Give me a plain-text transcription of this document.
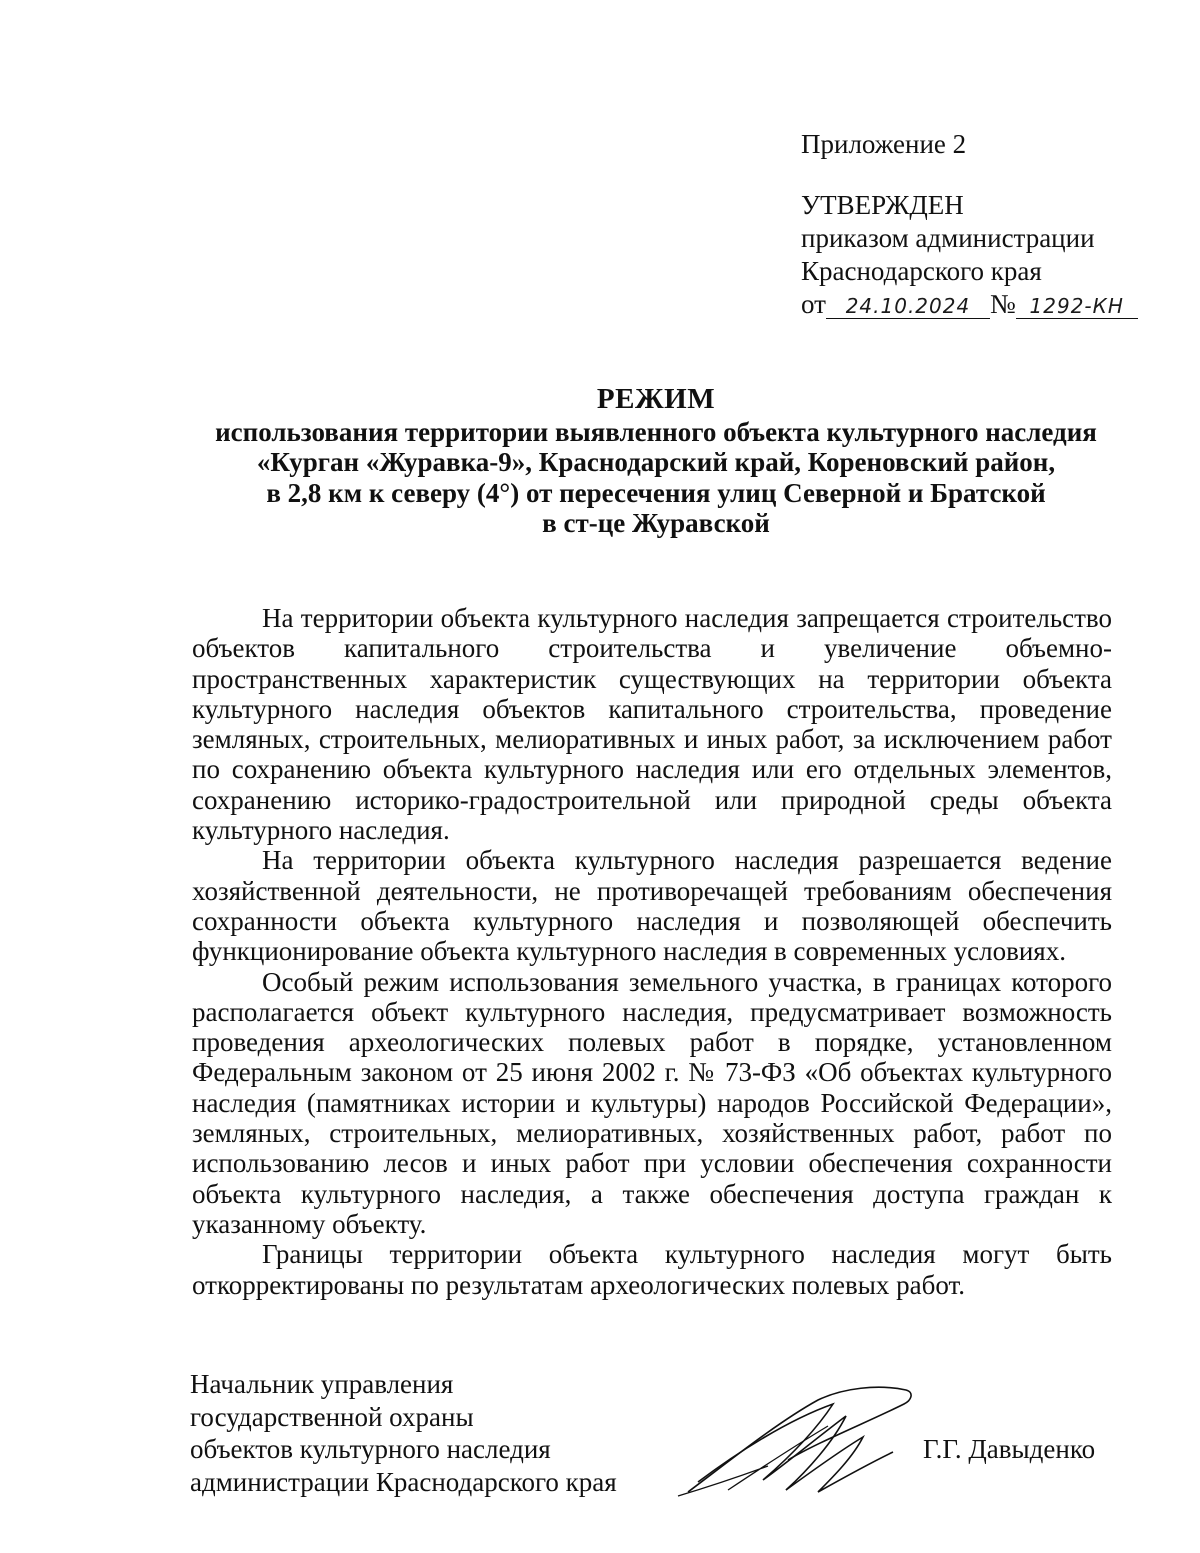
Приложение 2
УТВЕРЖДЕН
приказом администрации
Краснодарского края
от 24.10.2024 № 1292-КН
РЕЖИМ
использования территории выявленного объекта культурного наследия
«Курган «Журавка-9», Краснодарский край, Кореновский район,
в 2,8 км к северу (4°) от пересечения улиц Северной и Братской
в ст-це Журавской

На территории объекта культурного наследия запрещается строительство объектов капитального строительства и увеличение объемно-пространственных характеристик существующих на территории объекта культурного наследия объектов капитального строительства, проведение земляных, строительных, мелиоративных и иных работ, за исключением работ по сохранению объекта культурного наследия или его отдельных элементов, сохранению историко-градостроительной или природной среды объекта культурного наследия.

На территории объекта культурного наследия разрешается ведение хозяйственной деятельности, не противоречащей требованиям обеспечения сохранности объекта культурного наследия и позволяющей обеспечить функционирование объекта культурного наследия в современных условиях.

Особый режим использования земельного участка, в границах которого располагается объект культурного наследия, предусматривает возможность проведения археологических полевых работ в порядке, установленном Федеральным законом от 25 июня 2002 г. № 73-ФЗ «Об объектах культурного наследия (памятниках истории и культуры) народов Российской Федерации», земляных, строительных, мелиоративных, хозяйственных работ, работ по использованию лесов и иных работ при условии обеспечения сохранности объекта культурного наследия, а также обеспечения доступа граждан к указанному объекту.

Границы территории объекта культурного наследия могут быть откорректированы по результатам археологических полевых работ.

Начальник управления
государственной охраны
объектов культурного наследия
администрации Краснодарского края
Г.Г. Давыденко
